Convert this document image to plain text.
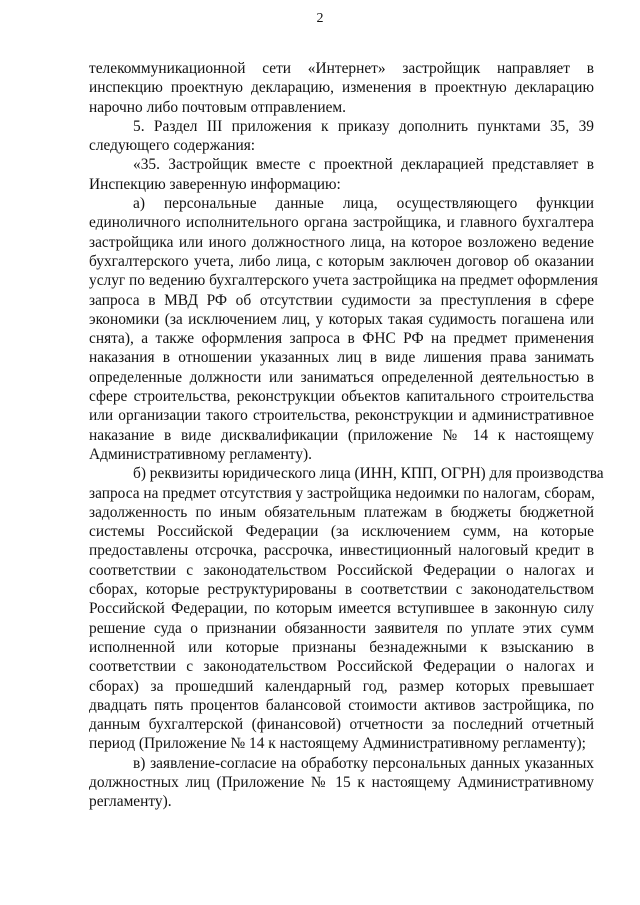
2
телекоммуникационной сети «Интернет» застройщик направляет в
инспекцию проектную декларацию, изменения в проектную декларацию
нарочно либо почтовым отправлением.
5. Раздел III приложения к приказу дополнить пунктами 35, 39
следующего содержания:
«35. Застройщик вместе с проектной декларацией представляет в
Инспекцию заверенную информацию:
а) персональные данные лица, осуществляющего функции
единоличного исполнительного органа застройщика, и главного бухгалтера
застройщика или иного должностного лица, на которое возложено ведение
бухгалтерского учета, либо лица, с которым заключен договор об оказании
услуг по ведению бухгалтерского учета застройщика на предмет оформления
запроса в МВД РФ об отсутствии судимости за преступления в сфере
экономики (за исключением лиц, у которых такая судимость погашена или
снята), а также оформления запроса в ФНС РФ на предмет применения
наказания в отношении указанных лиц в виде лишения права занимать
определенные должности или заниматься определенной деятельностью в
сфере строительства, реконструкции объектов капитального строительства
или организации такого строительства, реконструкции и административное
наказание в виде дисквалификации (приложение № 14 к настоящему
Административному регламенту).
б) реквизиты юридического лица (ИНН, КПП, ОГРН) для производства
запроса на предмет отсутствия у застройщика недоимки по налогам, сборам,
задолженность по иным обязательным платежам в бюджеты бюджетной
системы Российской Федерации (за исключением сумм, на которые
предоставлены отсрочка, рассрочка, инвестиционный налоговый кредит в
соответствии с законодательством Российской Федерации о налогах и
сборах, которые реструктурированы в соответствии с законодательством
Российской Федерации, по которым имеется вступившее в законную силу
решение суда о признании обязанности заявителя по уплате этих сумм
исполненной или которые признаны безнадежными к взысканию в
соответствии с законодательством Российской Федерации о налогах и
сборах) за прошедший календарный год, размер которых превышает
двадцать пять процентов балансовой стоимости активов застройщика, по
данным бухгалтерской (финансовой) отчетности за последний отчетный
период (Приложение № 14 к настоящему Административному регламенту);
в) заявление-согласие на обработку персональных данных указанных
должностных лиц (Приложение № 15 к настоящему Административному
регламенту).
